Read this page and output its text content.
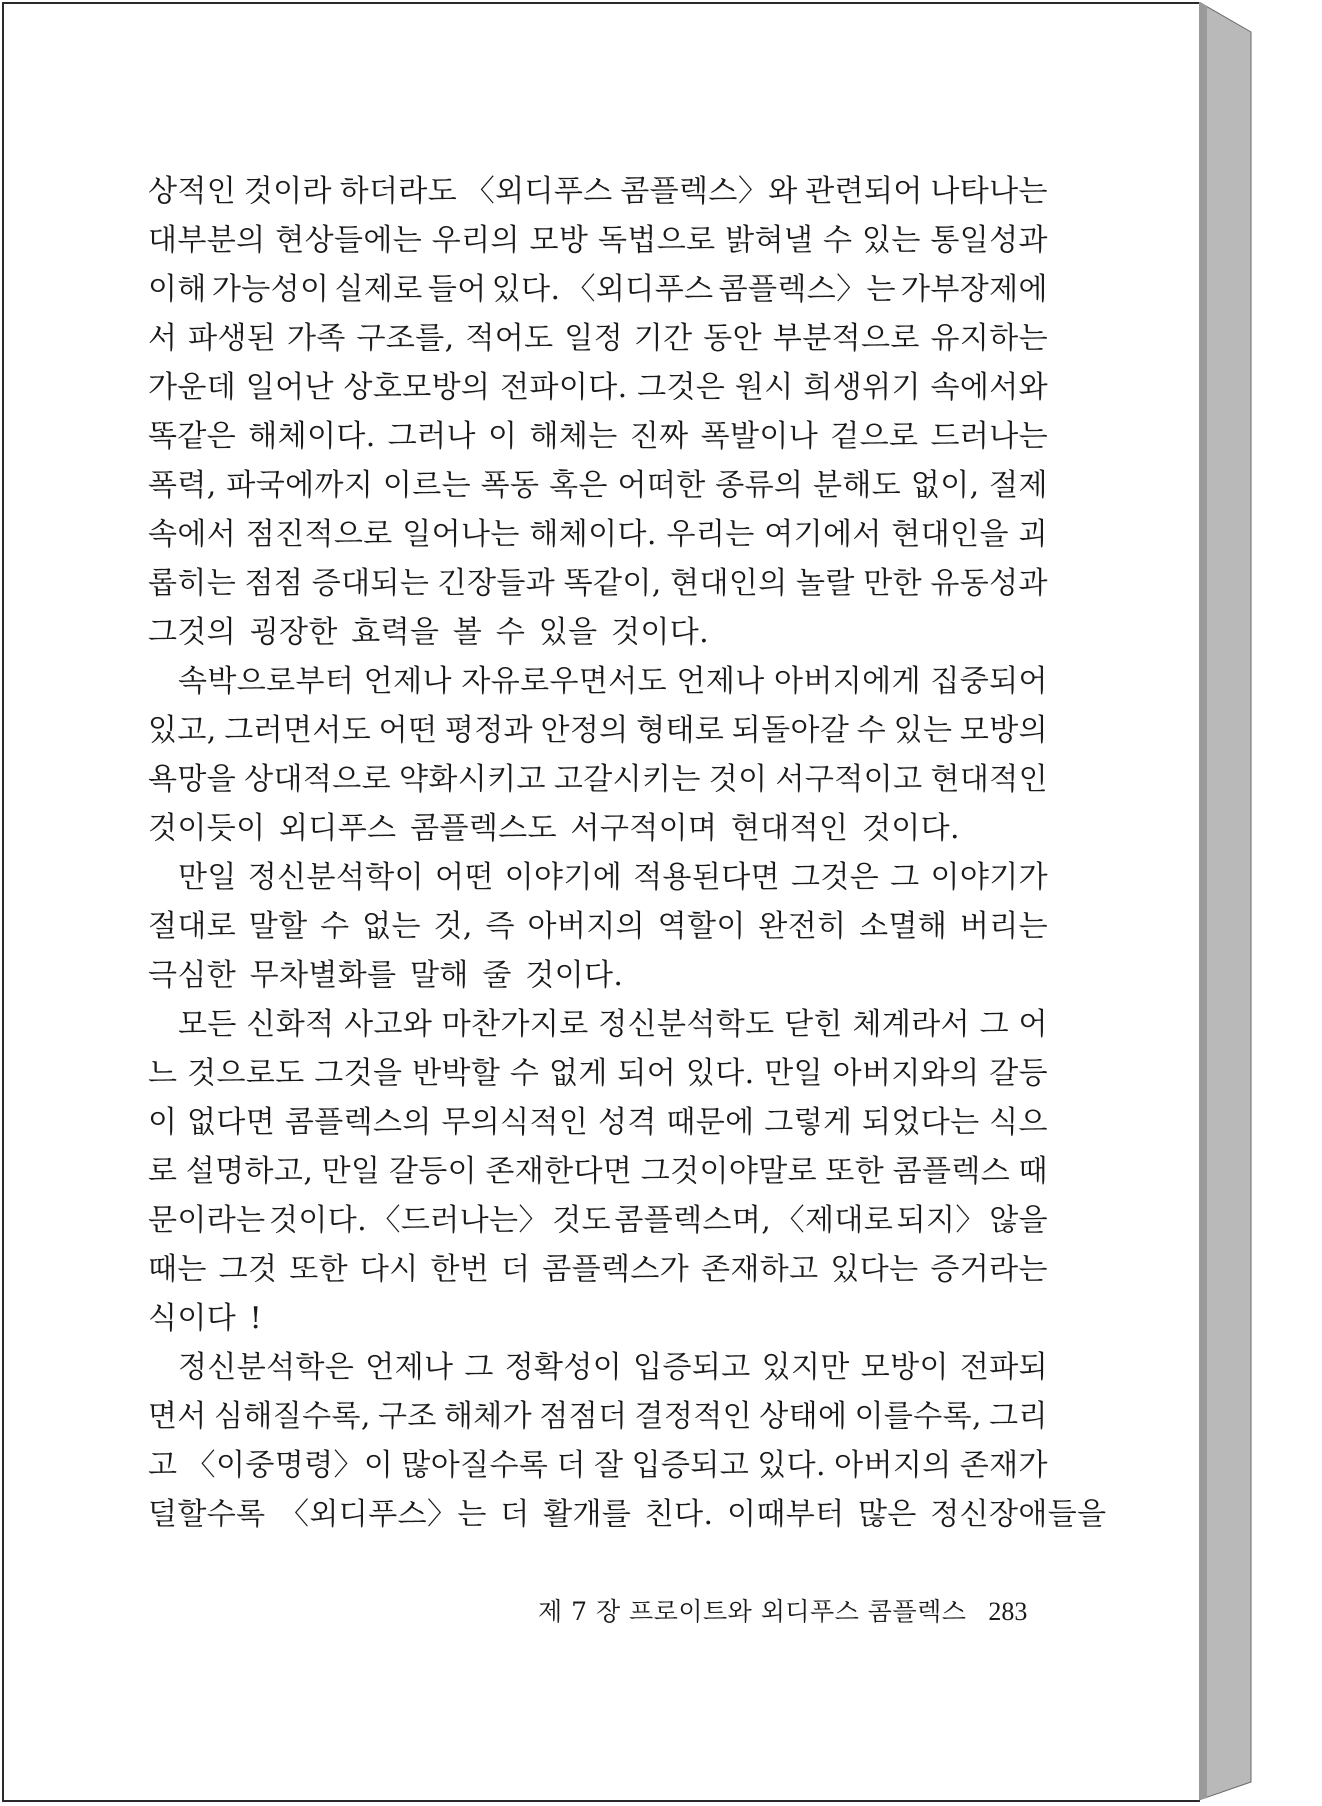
상적인 것이라 하더라도 〈외디푸스 콤플렉스〉와 관련되어 나타나는
대부분의 현상들에는 우리의 모방 독법으로 밝혀낼 수 있는 통일성과
이해 가능성이 실제로 들어 있다. 〈외디푸스 콤플렉스〉는 가부장제에
서 파생된 가족 구조를, 적어도 일정 기간 동안 부분적으로 유지하는
가운데 일어난 상호모방의 전파이다. 그것은 원시 희생위기 속에서와
똑같은 해체이다. 그러나 이 해체는 진짜 폭발이나 겉으로 드러나는
폭력, 파국에까지 이르는 폭동 혹은 어떠한 종류의 분해도 없이, 절제
속에서 점진적으로 일어나는 해체이다. 우리는 여기에서 현대인을 괴
롭히는 점점 증대되는 긴장들과 똑같이, 현대인의 놀랄 만한 유동성과
그것의 굉장한 효력을 볼 수 있을 것이다.
속박으로부터 언제나 자유로우면서도 언제나 아버지에게 집중되어
있고, 그러면서도 어떤 평정과 안정의 형태로 되돌아갈 수 있는 모방의
욕망을 상대적으로 약화시키고 고갈시키는 것이 서구적이고 현대적인
것이듯이 외디푸스 콤플렉스도 서구적이며 현대적인 것이다.
만일 정신분석학이 어떤 이야기에 적용된다면 그것은 그 이야기가
절대로 말할 수 없는 것, 즉 아버지의 역할이 완전히 소멸해 버리는
극심한 무차별화를 말해 줄 것이다.
모든 신화적 사고와 마찬가지로 정신분석학도 닫힌 체계라서 그 어
느 것으로도 그것을 반박할 수 없게 되어 있다. 만일 아버지와의 갈등
이 없다면 콤플렉스의 무의식적인 성격 때문에 그렇게 되었다는 식으
로 설명하고, 만일 갈등이 존재한다면 그것이야말로 또한 콤플렉스 때
문이라는 것이다. 〈드러나는〉 것도 콤플렉스며, 〈제대로 되지〉 않을
때는 그것 또한 다시 한번 더 콤플렉스가 존재하고 있다는 증거라는
식이다 !
정신분석학은 언제나 그 정확성이 입증되고 있지만 모방이 전파되
면서 심해질수록, 구조 해체가 점점더 결정적인 상태에 이를수록, 그리
고 〈이중명령〉이 많아질수록 더 잘 입증되고 있다. 아버지의 존재가
덜할수록 〈외디푸스〉는 더 활개를 친다. 이때부터 많은 정신장애들을
제 7 장 프로이트와 외디푸스 콤플렉스 283
